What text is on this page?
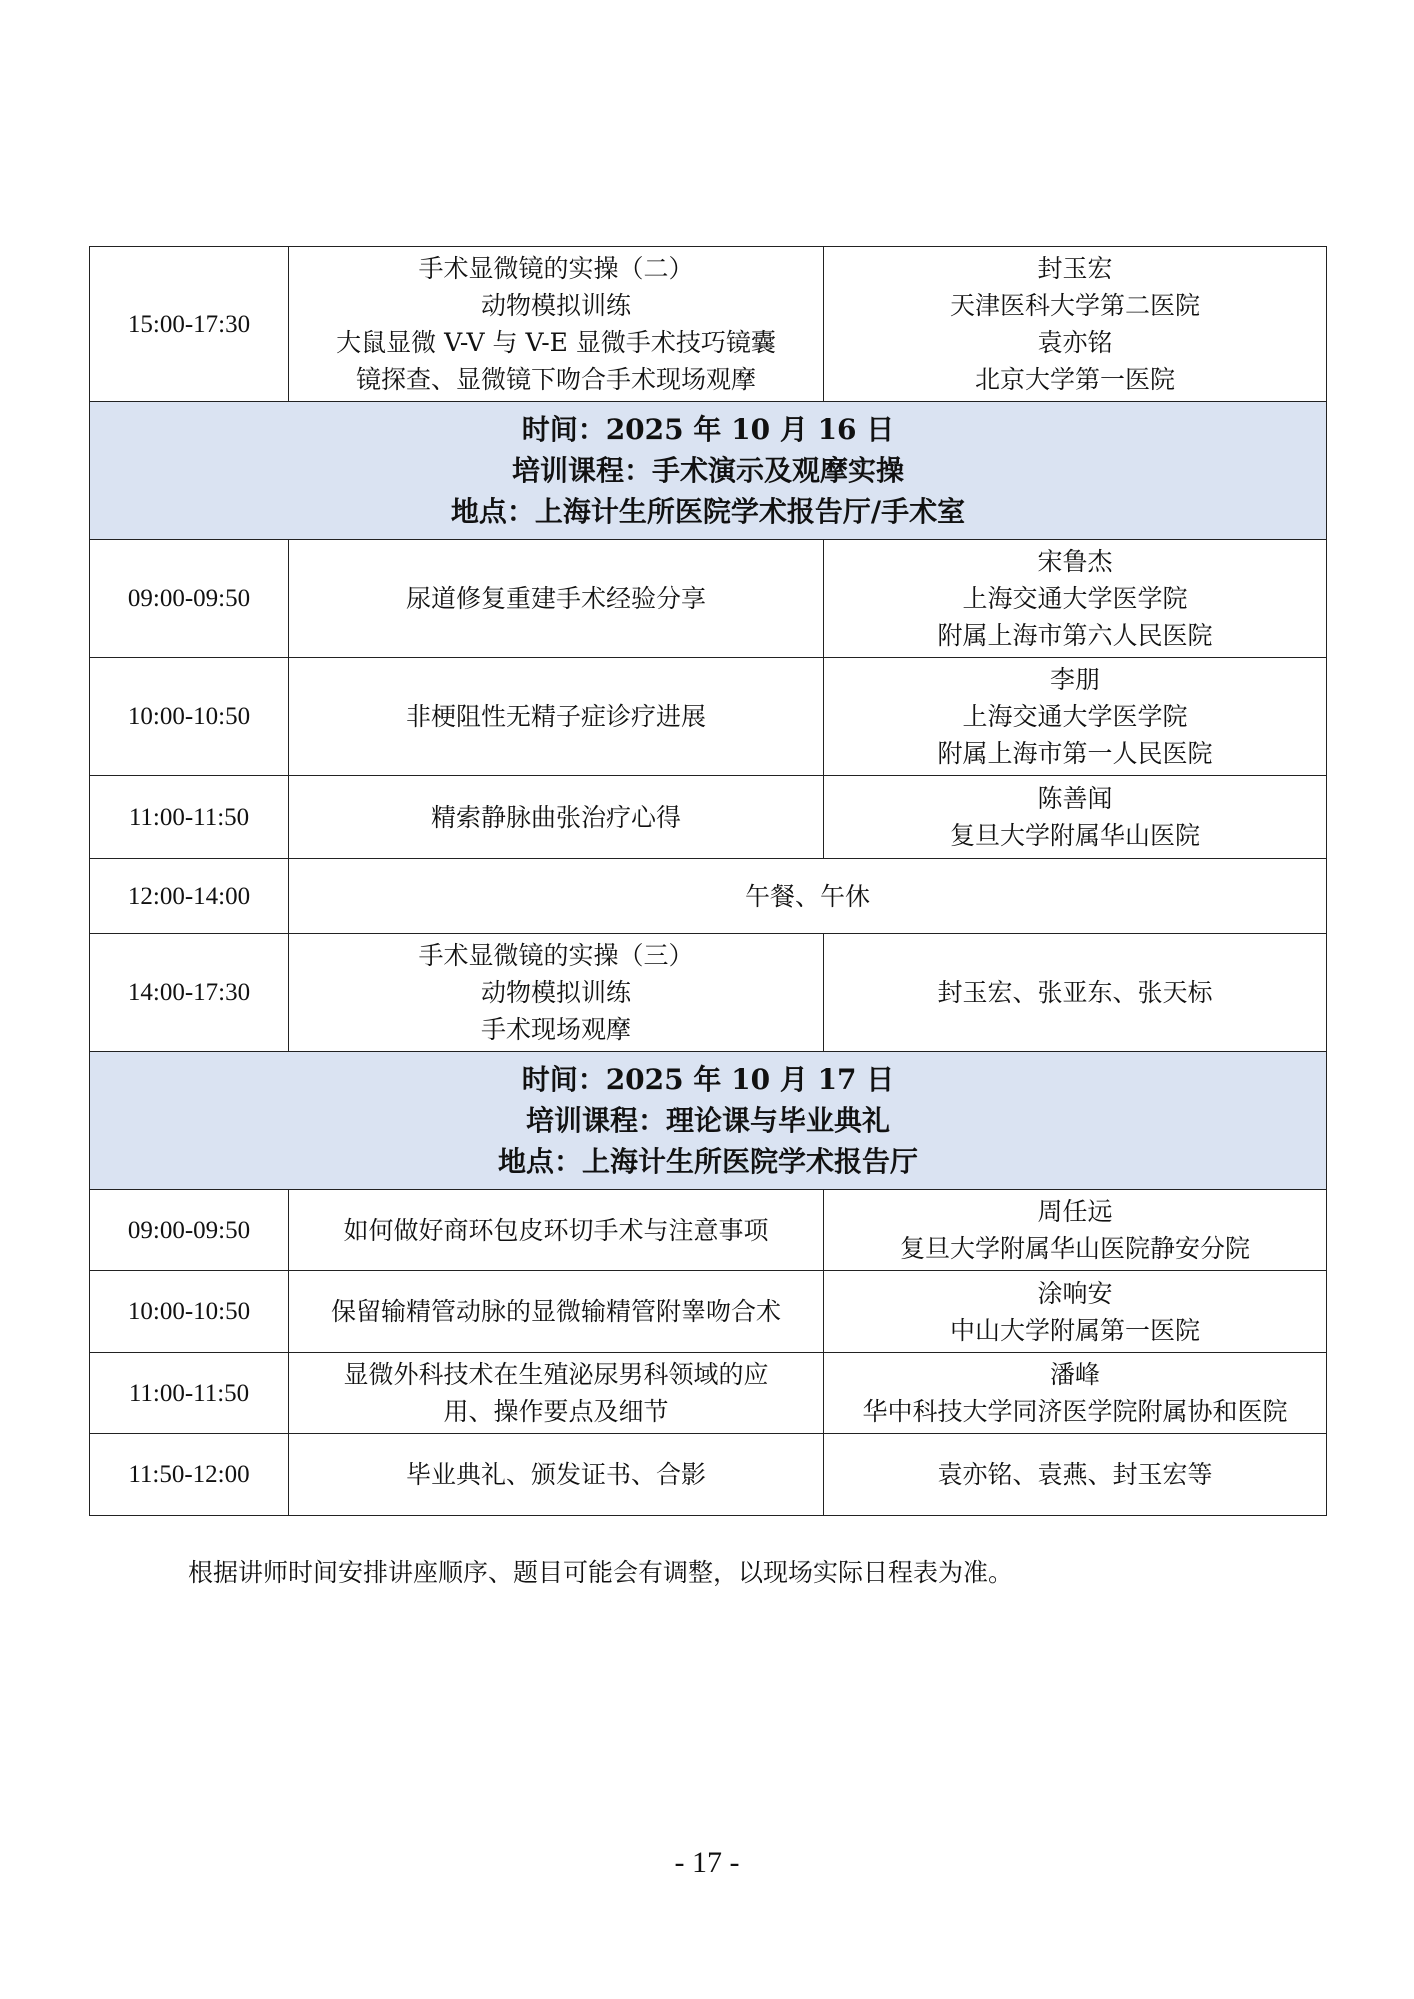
15:00-17:30	手术显微镜的实操（二）
动物模拟训练
大鼠显微 V-V 与 V-E 显微手术技巧镜囊
镜探查、显微镜下吻合手术现场观摩	封玉宏
天津医科大学第二医院
袁亦铭
北京大学第一医院

时间：2025 年 10 月 16 日
培训课程：手术演示及观摩实操
地点：上海计生所医院学术报告厅/手术室		

09:00-09:50	尿道修复重建手术经验分享	宋鲁杰
上海交通大学医学院
附属上海市第六人民医院

10:00-10:50	非梗阻性无精子症诊疗进展	李朋
上海交通大学医学院
附属上海市第一人民医院

11:00-11:50	精索静脉曲张治疗心得	陈善闻
复旦大学附属华山医院

12:00-14:00	午餐、午休	
14:00-17:30	手术显微镜的实操（三）
动物模拟训练
手术现场观摩	封玉宏、张亚东、张天标

时间：2025 年 10 月 17 日
培训课程：理论课与毕业典礼
地点：上海计生所医院学术报告厅		

09:00-09:50	如何做好商环包皮环切手术与注意事项	周任远
复旦大学附属华山医院静安分院

10:00-10:50	保留输精管动脉的显微输精管附睾吻合术	涂响安
中山大学附属第一医院

11:00-11:50	显微外科技术在生殖泌尿男科领域的应
用、操作要点及细节	潘峰
华中科技大学同济医学院附属协和医院

11:50-12:00	毕业典礼、颁发证书、合影	袁亦铭、袁燕、封玉宏等
根据讲师时间安排讲座顺序、题目可能会有调整，以现场实际日程表为准。
- 17 -
